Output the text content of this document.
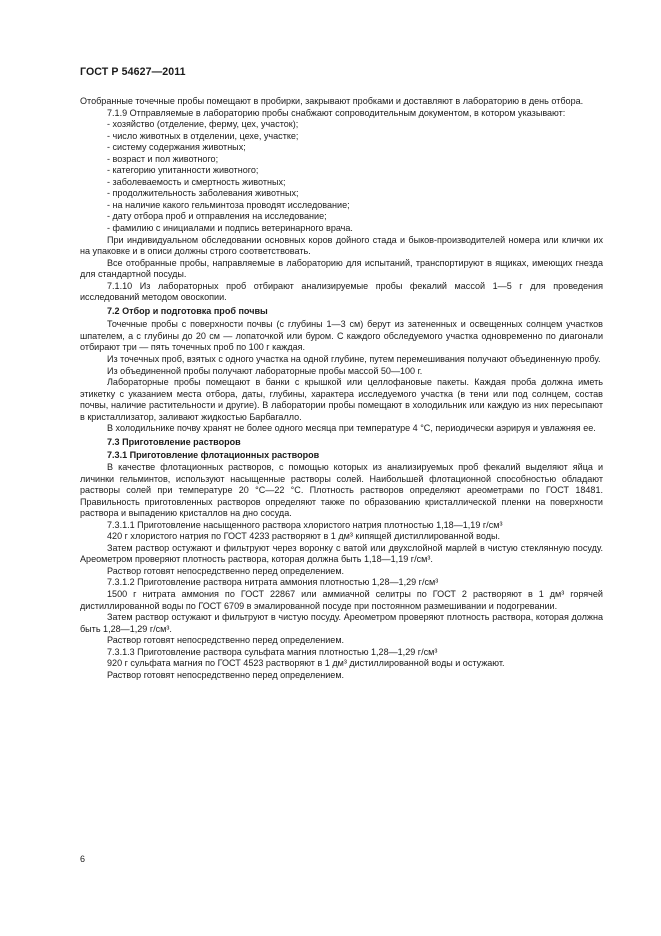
ГОСТ Р 54627—2011

Отобранные точечные пробы помещают в пробирки, закрывают пробками и доставляют в лабораторию в день отбора.

7.1.9 Отправляемые в лабораторию пробы снабжают сопроводительным документом, в котором указывают:

- хозяйство (отделение, ферму, цех, участок);

- число животных в отделении, цехе, участке;

- систему содержания животных;

- возраст и пол животного;

- категорию упитанности животного;

- заболеваемость и смертность животных;

- продолжительность заболевания животных;

- на наличие какого гельминтоза проводят исследование;

- дату отбора проб и отправления на исследование;

- фамилию с инициалами и подпись ветеринарного врача.

При индивидуальном обследовании основных коров дойного стада и быков-производителей номера или клички их на упаковке и в описи должны строго соответствовать.

Все отобранные пробы, направляемые в лабораторию для испытаний, транспортируют в ящиках, имеющих гнезда для стандартной посуды.

7.1.10 Из лабораторных проб отбирают анализируемые пробы фекалий массой 1—5 г для проведения исследований методом овоскопии.

7.2 Отбор и подготовка проб почвы

Точечные пробы с поверхности почвы (с глубины 1—3 см) берут из затененных и освещенных солнцем участков шпателем, а с глубины до 20 см — лопаточкой или буром. С каждого обследуемого участка одновременно по диагонали отбирают три — пять точечных проб по 100 г каждая.

Из точечных проб, взятых с одного участка на одной глубине, путем перемешивания получают объединенную пробу.

Из объединенной пробы получают лабораторные пробы массой 50—100 г.

Лабораторные пробы помещают в банки с крышкой или целлофановые пакеты. Каждая проба должна иметь этикетку с указанием места отбора, даты, глубины, характера исследуемого участка (в тени или под солнцем, состав почвы, наличие растительности и другие). В лаборатории пробы помещают в холодильник или каждую из них пересыпают в кристаллизатор, заливают жидкостью Барбагалло.

В холодильнике почву хранят не более одного месяца при температуре 4 °С, периодически аэрируя и увлажняя ее.

7.3 Приготовление растворов

7.3.1 Приготовление флотационных растворов

В качестве флотационных растворов, с помощью которых из анализируемых проб фекалий выделяют яйца и личинки гельминтов, используют насыщенные растворы солей. Наибольшей флотационной способностью обладают растворы солей при температуре 20 °С—22 °С. Плотность растворов определяют ареометрами по ГОСТ 18481. Правильность приготовленных растворов определяют также по образованию кристаллической пленки на поверхности раствора и выпадению кристаллов на дно сосуда.

7.3.1.1 Приготовление насыщенного раствора хлористого натрия плотностью 1,18—1,19 г/см³

420 г хлористого натрия по ГОСТ 4233 растворяют в 1 дм³ кипящей дистиллированной воды.

Затем раствор остужают и фильтруют через воронку с ватой или двухслойной марлей в чистую стеклянную посуду. Ареометром проверяют плотность раствора, которая должна быть 1,18—1,19 г/см³.

Раствор готовят непосредственно перед определением.

7.3.1.2 Приготовление раствора нитрата аммония плотностью 1,28—1,29 г/см³

1500 г нитрата аммония по ГОСТ 22867 или аммиачной селитры по ГОСТ 2 растворяют в 1 дм³ горячей дистиллированной воды по ГОСТ 6709 в эмалированной посуде при постоянном размешивании и подогревании.

Затем раствор остужают и фильтруют в чистую посуду. Ареометром проверяют плотность раствора, которая должна быть 1,28—1,29 г/см³.

Раствор готовят непосредственно перед определением.

7.3.1.3 Приготовление раствора сульфата магния плотностью 1,28—1,29 г/см³

920 г сульфата магния по ГОСТ 4523 растворяют в 1 дм³ дистиллированной воды и остужают.

Раствор готовят непосредственно перед определением.

6
